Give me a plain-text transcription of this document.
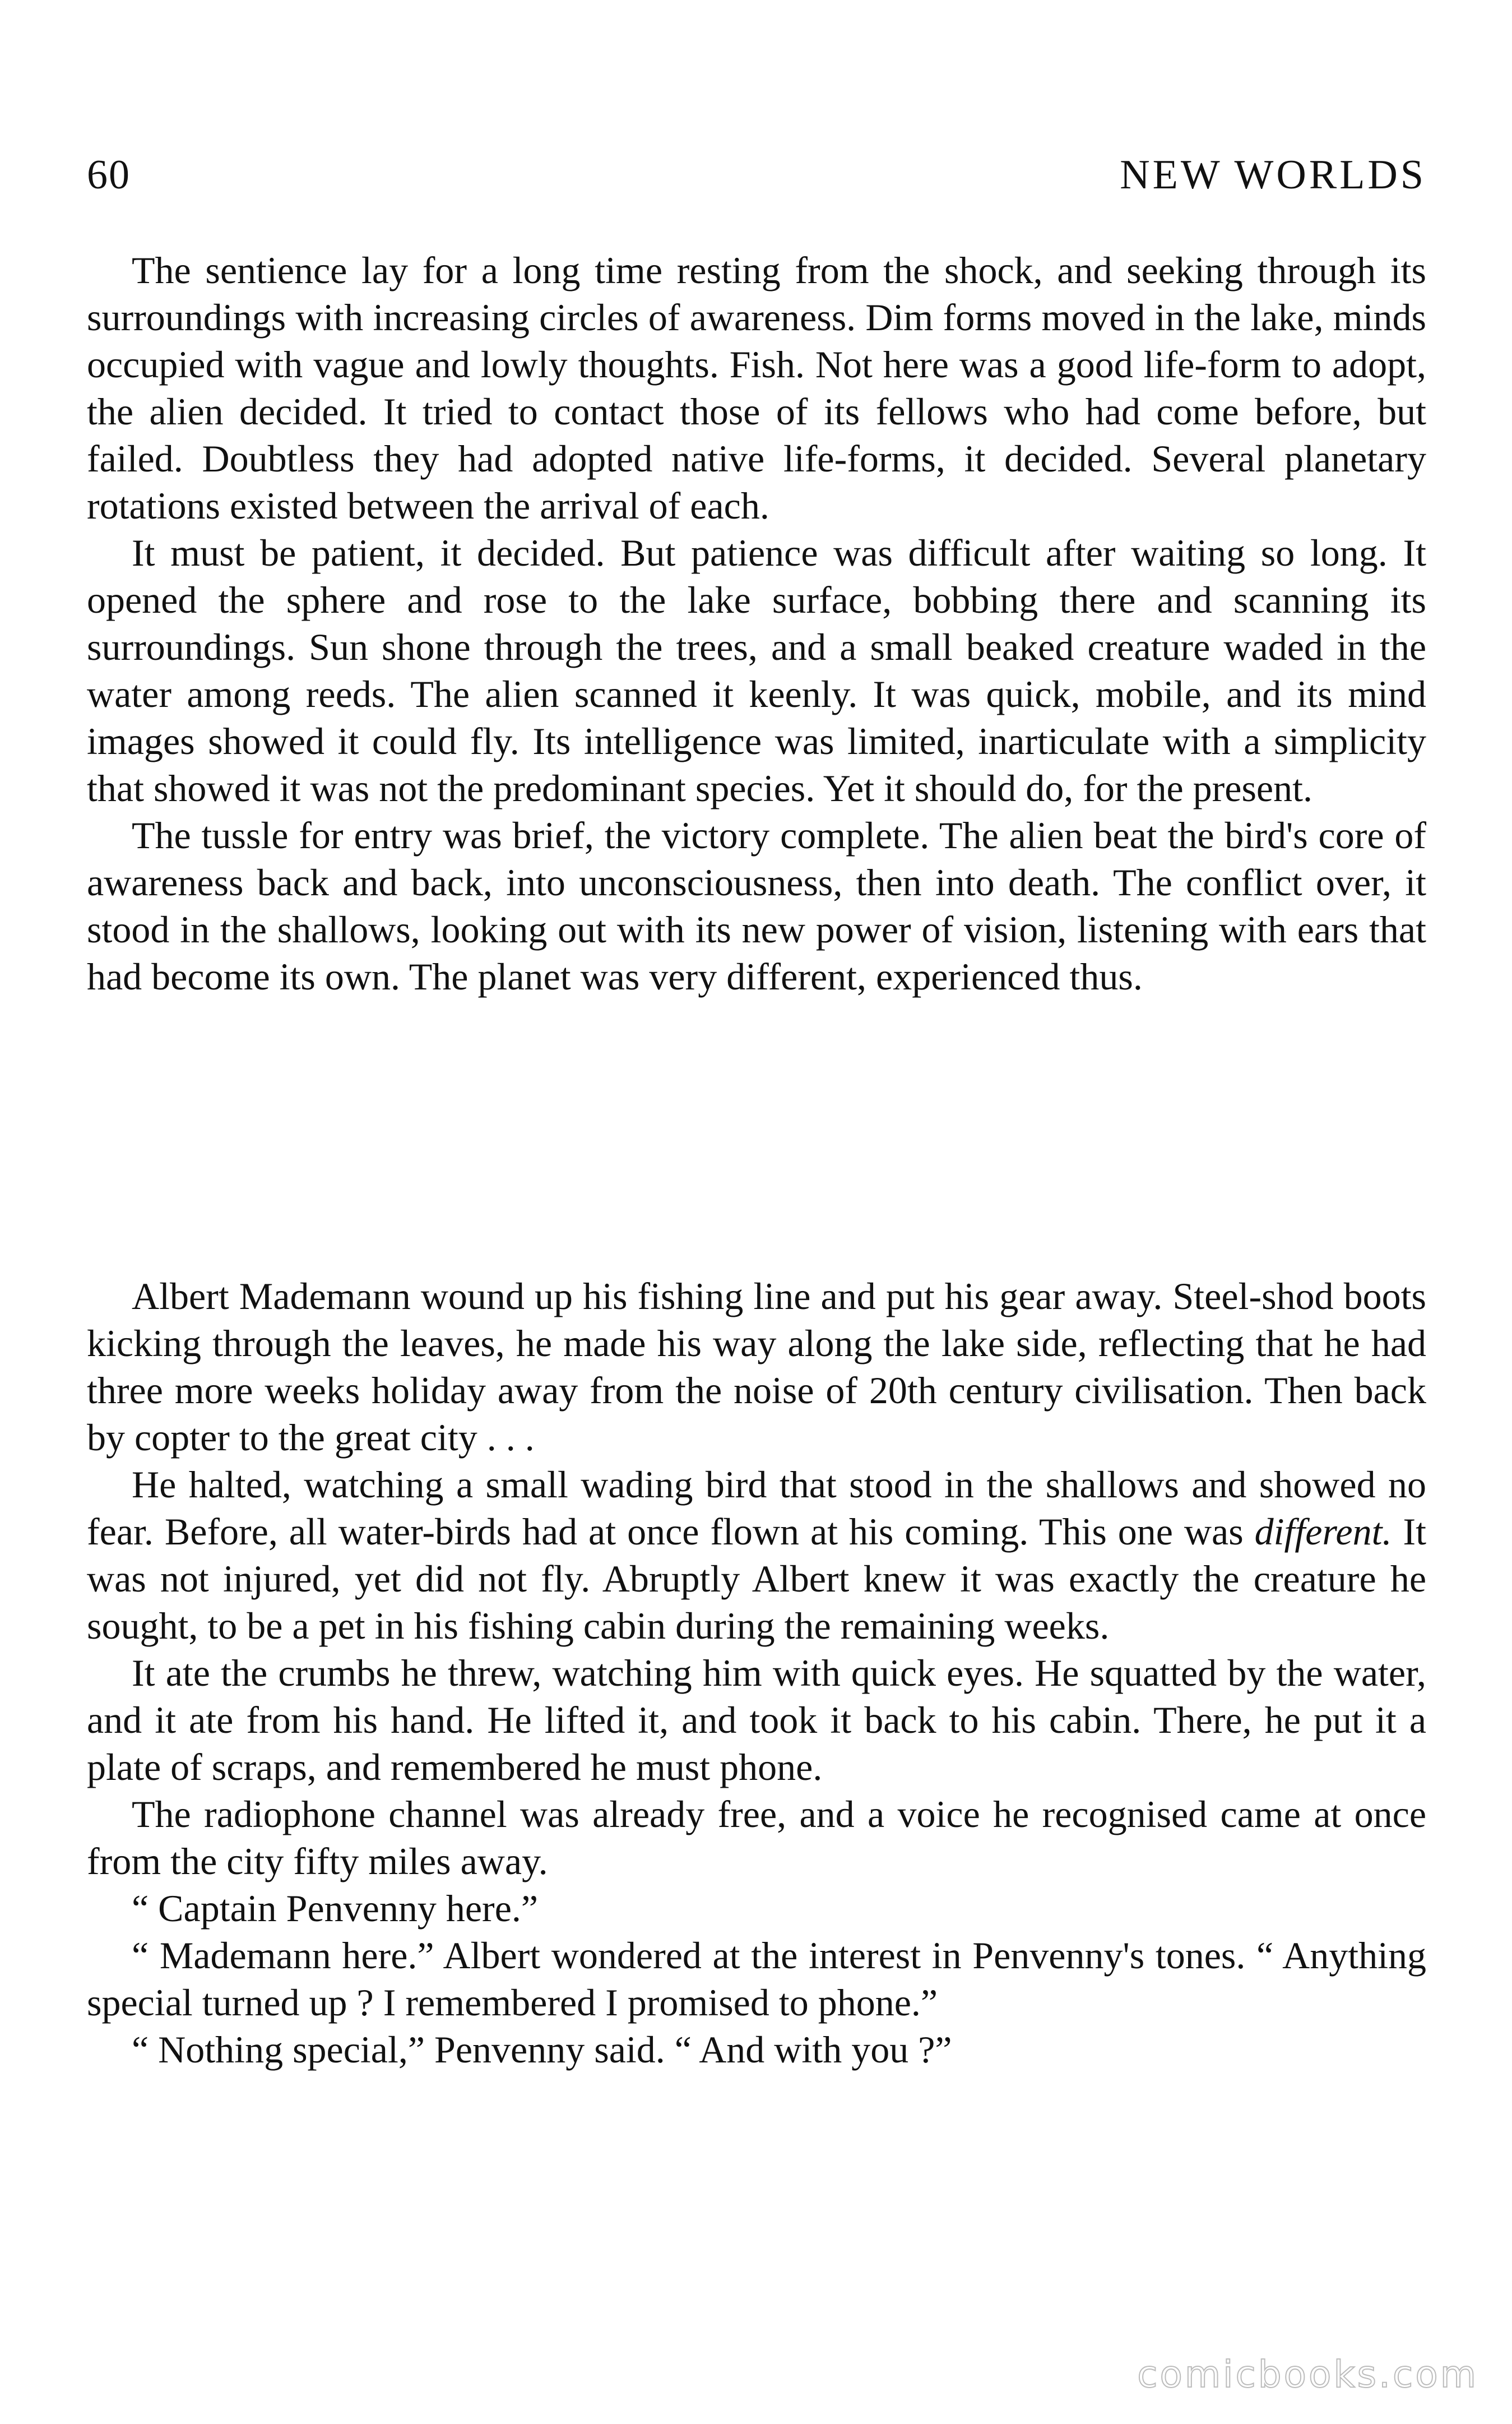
60	NEW WORLDS

The sentience lay for a long time resting from the shock, and seeking through its surroundings with increasing circles of awareness. Dim forms moved in the lake, minds occupied with vague and lowly thoughts. Fish. Not here was a good life-form to adopt, the alien decided. It tried to contact those of its fellows who had come before, but failed. Doubtless they had adopted native life-forms, it decided. Several planetary rotations existed between the arrival of each.

It must be patient, it decided. But patience was difficult after waiting so long. It opened the sphere and rose to the lake surface, bobbing there and scanning its surroundings. Sun shone through the trees, and a small beaked creature waded in the water among reeds. The alien scanned it keenly. It was quick, mobile, and its mind images showed it could fly. Its intelligence was limited, inarticulate with a simplicity that showed it was not the predominant species. Yet it should do, for the present.

The tussle for entry was brief, the victory complete. The alien beat the bird's core of awareness back and back, into unconsciousness, then into death. The conflict over, it stood in the shallows, looking out with its new power of vision, listening with ears that had become its own. The planet was very different, experienced thus.

Albert Mademann wound up his fishing line and put his gear away. Steel-shod boots kicking through the leaves, he made his way along the lake side, reflecting that he had three more weeks holiday away from the noise of 20th century civilisation. Then back by copter to the great city . . .

He halted, watching a small wading bird that stood in the shallows and showed no fear. Before, all water-birds had at once flown at his coming. This one was different. It was not injured, yet did not fly. Abruptly Albert knew it was exactly the creature he sought, to be a pet in his fishing cabin during the remaining weeks.

It ate the crumbs he threw, watching him with quick eyes. He squatted by the water, and it ate from his hand. He lifted it, and took it back to his cabin. There, he put it a plate of scraps, and remembered he must phone.

The radiophone channel was already free, and a voice he recognised came at once from the city fifty miles away.

“ Captain Penvenny here.”

“ Mademann here.” Albert wondered at the interest in Penvenny's tones. “ Anything special turned up ? I remembered I promised to phone.”

“ Nothing special,” Penvenny said. “ And with you ?”

comicbooks.com
